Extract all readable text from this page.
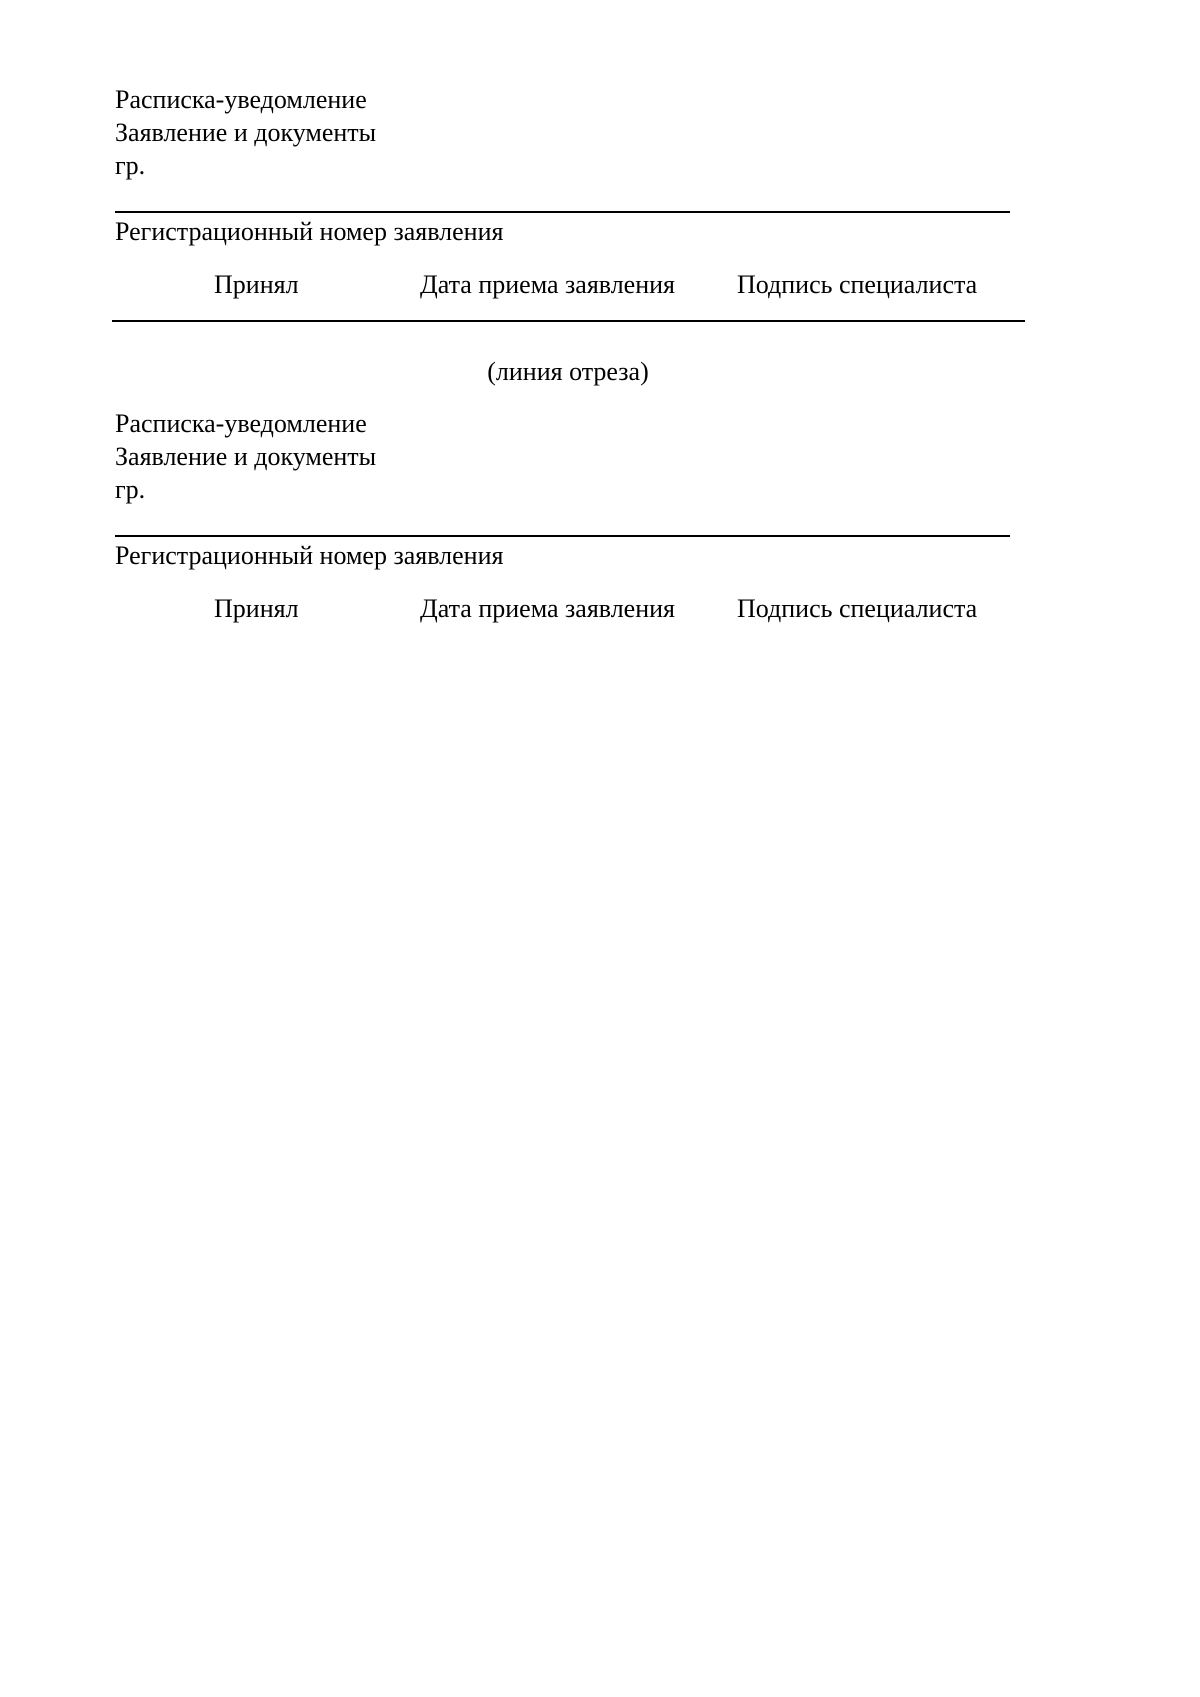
Расписка-уведомление
Заявление и документы
гр.
Регистрационный номер заявления
Принял	Дата приема заявления Подпись специалиста
(линия отреза)
Расписка-уведомление
Заявление и документы
гр.
Регистрационный номер заявления
Принял	Дата приема заявления Подпись специалиста
